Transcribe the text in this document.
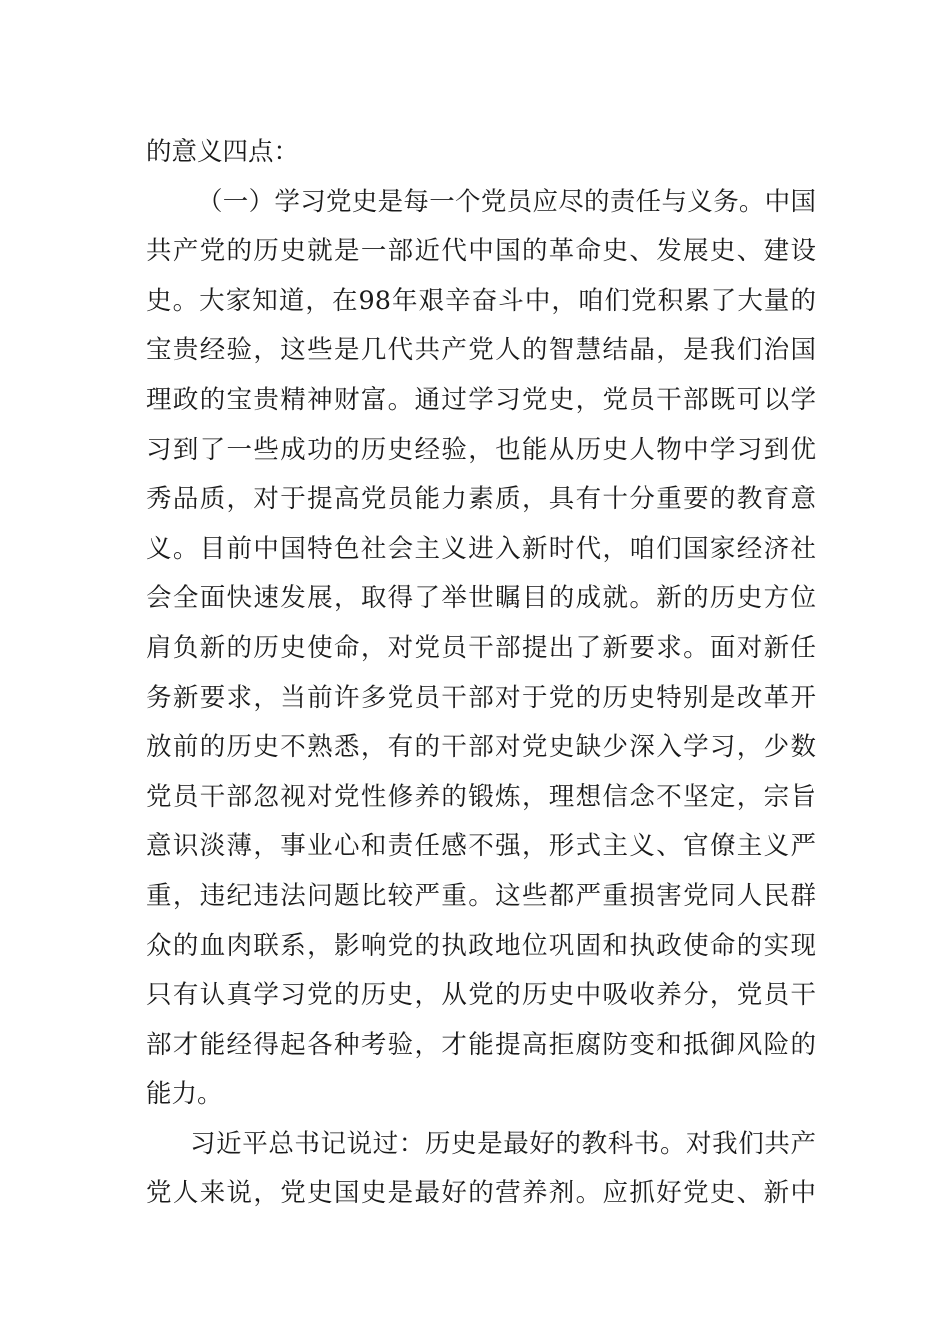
的意义四点：
（一）学习党史是每一个党员应尽的责任与义务。中国
共产党的历史就是一部近代中国的革命史、发展史、建设
史。大家知道，在98年艰辛奋斗中，咱们党积累了大量的
宝贵经验，这些是几代共产党人的智慧结晶，是我们治国
理政的宝贵精神财富。通过学习党史，党员干部既可以学
习到了一些成功的历史经验，也能从历史人物中学习到优
秀品质，对于提高党员能力素质，具有十分重要的教育意
义。目前中国特色社会主义进入新时代，咱们国家经济社
会全面快速发展，取得了举世瞩目的成就。新的历史方位
肩负新的历史使命，对党员干部提出了新要求。面对新任
务新要求，当前许多党员干部对于党的历史特别是改革开
放前的历史不熟悉，有的干部对党史缺少深入学习，少数
党员干部忽视对党性修养的锻炼，理想信念不坚定，宗旨
意识淡薄，事业心和责任感不强，形式主义、官僚主义严
重，违纪违法问题比较严重。这些都严重损害党同人民群
众的血肉联系，影响党的执政地位巩固和执政使命的实现
只有认真学习党的历史，从党的历史中吸收养分，党员干
部才能经得起各种考验，才能提高拒腐防变和抵御风险的
能力。
习近平总书记说过：历史是最好的教科书。对我们共产
党人来说，党史国史是最好的营养剂。应抓好党史、新中
